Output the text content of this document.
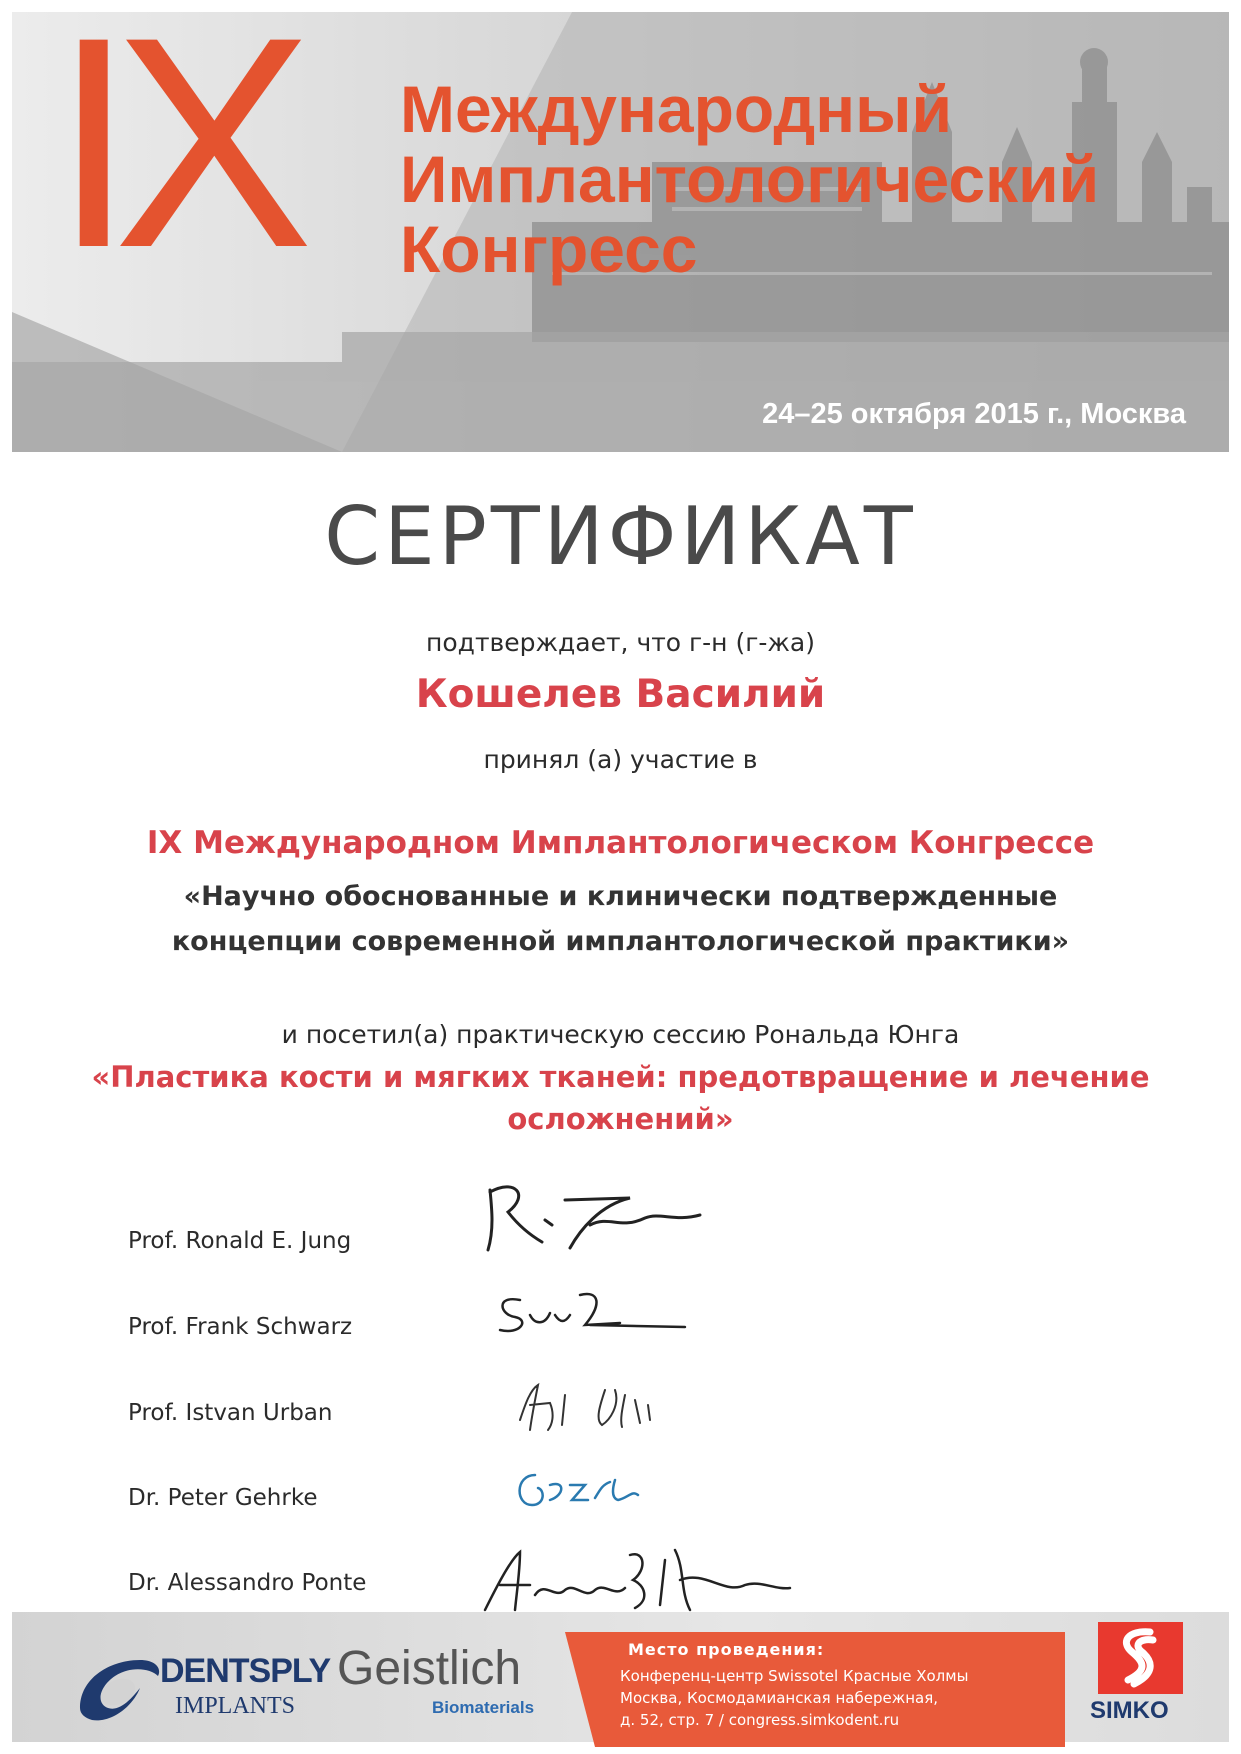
IX Международный
Имплантологический
Конгресс
24–25 октября 2015 г., Москва
СЕРТИФИКАТ
подтверждает, что г-н (г-жа)
Кошелев Василий
принял (а) участие в
IX Международном Имплантологическом Конгрессе
«Научно обоснованные и клинически подтвержденные
концепции современной имплантологической практики»
и посетил(а) практическую сессию Рональда Юнга
«Пластика кости и мягких тканей: предотвращение и лечение
осложнений»
Prof. Ronald E. Jung
Prof. Frank Schwarz
Prof. Istvan Urban
Dr. Peter Gehrke
Dr. Alessandro Ponte
DENTSPLY
IMPLANTS
Geistlich
Biomaterials
Место проведения:
Конференц-центр Swissotel Красные Холмы
Москва, Космодамианская набережная,
д. 52, стр. 7 / congress.simkodent.ru	SIMKO
